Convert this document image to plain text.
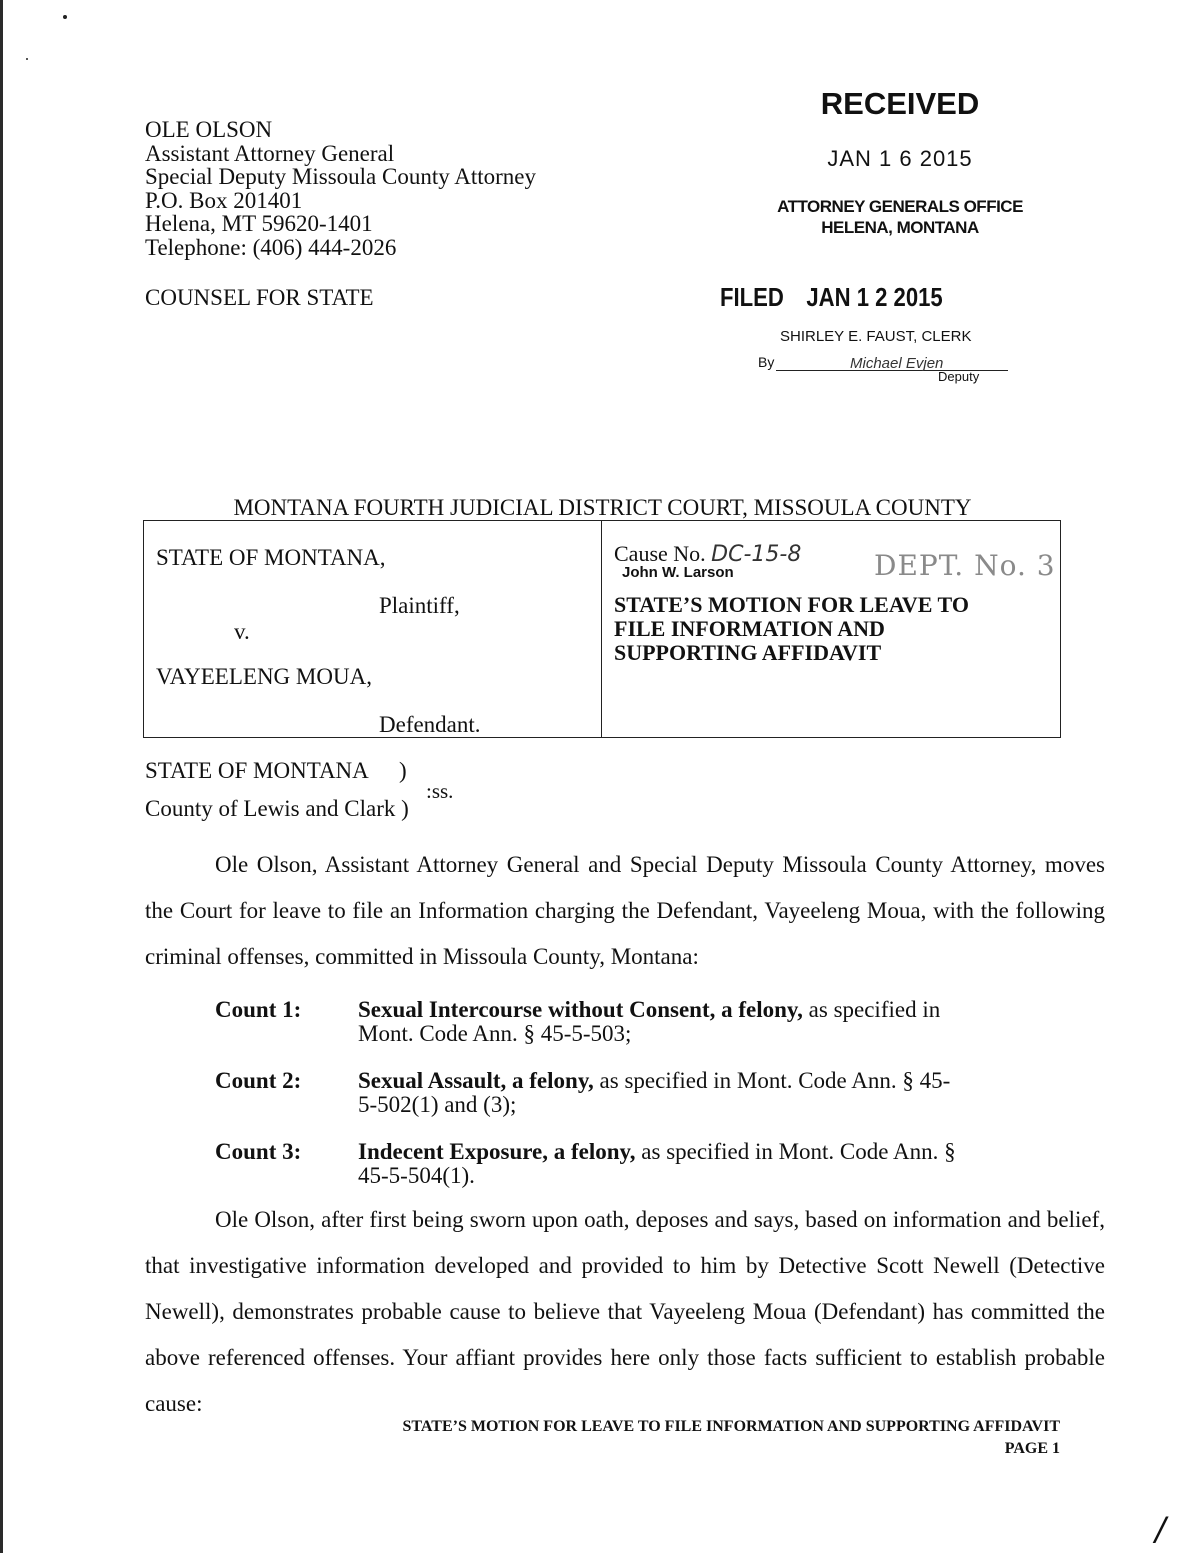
OLE OLSON
Assistant Attorney General
Special Deputy Missoula County Attorney
P.O. Box 201401
Helena, MT 59620-1401
Telephone: (406) 444-2026
COUNSEL FOR STATE
RECEIVED
JAN 1 6 2015
ATTORNEY GENERALS OFFICE
HELENA, MONTANA
FILED JAN 1 2 2015
SHIRLEY E. FAUST, CLERK
By	Michael Evjen
Deputy
MONTANA FOURTH JUDICIAL DISTRICT COURT, MISSOULA COUNTY
STATE OF MONTANA,
Plaintiff,
v.
VAYEELENG MOUA,
Defendant.
Cause No. DC-15-8
John W. Larson	DEPT. No. 3
STATE’S MOTION FOR LEAVE TO
FILE INFORMATION AND
SUPPORTING AFFIDAVIT
STATE OF MONTANA )
:ss.
County of Lewis and Clark )
Ole Olson, Assistant Attorney General and Special Deputy Missoula County Attorney, moves the Court for leave to file an Information charging the Defendant, Vayeeleng Moua, with the following criminal offenses, committed in Missoula County, Montana:
Count 1: Sexual Intercourse without Consent, a felony, as specified in Mont. Code Ann. § 45-5-503;
Count 2: Sexual Assault, a felony, as specified in Mont. Code Ann. § 45-5-502(1) and (3);
Count 3: Indecent Exposure, a felony, as specified in Mont. Code Ann. § 45-5-504(1).
Ole Olson, after first being sworn upon oath, deposes and says, based on information and belief, that investigative information developed and provided to him by Detective Scott Newell (Detective Newell), demonstrates probable cause to believe that Vayeeleng Moua (Defendant) has committed the above referenced offenses. Your affiant provides here only those facts sufficient to establish probable cause:
STATE’S MOTION FOR LEAVE TO FILE INFORMATION AND SUPPORTING AFFIDAVIT
PAGE 1
/
